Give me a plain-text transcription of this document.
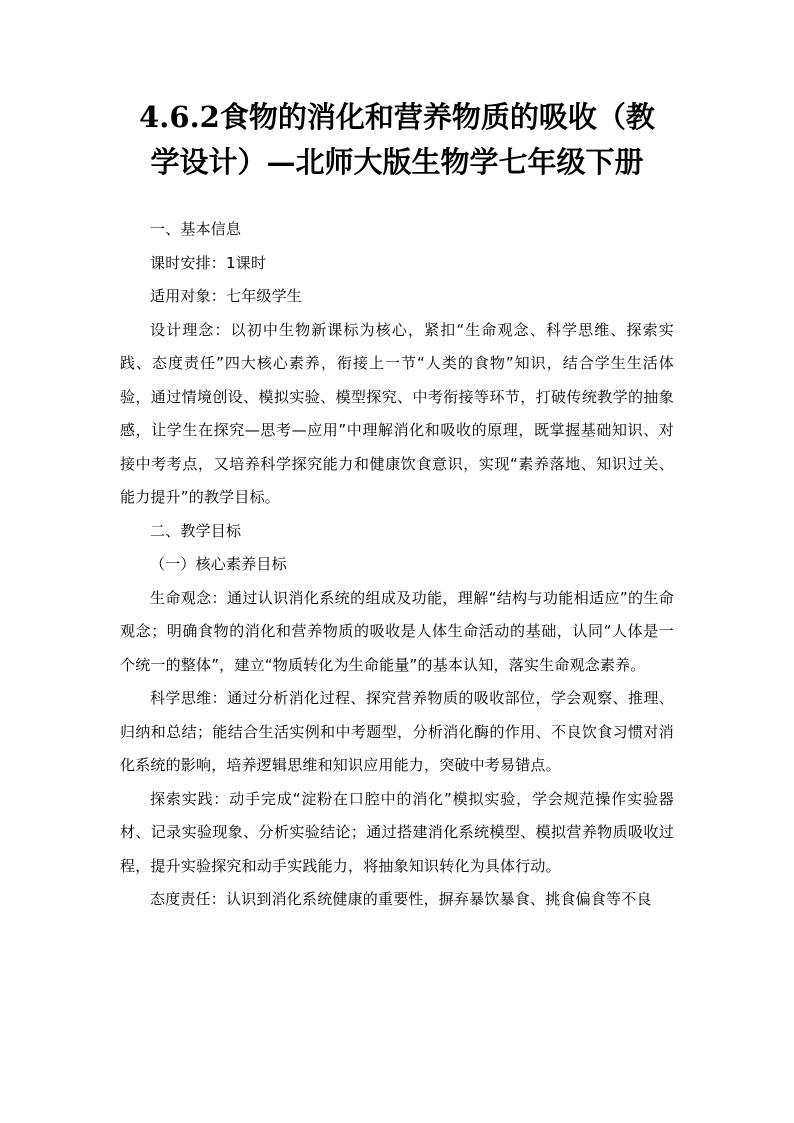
4.6.2食物的消化和营养物质的吸收（教
学设计）—北师大版生物学七年级下册

一、基本信息

课时安排：1课时

适用对象：七年级学生

设计理念：以初中生物新课标为核心，紧扣“生命观念、科学思维、探索实践、态度责任”四大核心素养，衔接上一节“人类的食物”知识，结合学生生活体验，通过情境创设、模拟实验、模型探究、中考衔接等环节，打破传统教学的抽象感，让学生在探究—思考—应用”中理解消化和吸收的原理，既掌握基础知识、对接中考考点，又培养科学探究能力和健康饮食意识，实现“素养落地、知识过关、能力提升”的教学目标。

二、教学目标

（一）核心素养目标

生命观念：通过认识消化系统的组成及功能，理解“结构与功能相适应”的生命观念；明确食物的消化和营养物质的吸收是人体生命活动的基础，认同“人体是一个统一的整体”，建立“物质转化为生命能量”的基本认知，落实生命观念素养。

科学思维：通过分析消化过程、探究营养物质的吸收部位，学会观察、推理、归纳和总结；能结合生活实例和中考题型，分析消化酶的作用、不良饮食习惯对消化系统的影响，培养逻辑思维和知识应用能力，突破中考易错点。

探索实践：动手完成“淀粉在口腔中的消化”模拟实验，学会规范操作实验器材、记录实验现象、分析实验结论；通过搭建消化系统模型、模拟营养物质吸收过程，提升实验探究和动手实践能力，将抽象知识转化为具体行动。

态度责任：认识到消化系统健康的重要性，摒弃暴饮暴食、挑食偏食等不良
